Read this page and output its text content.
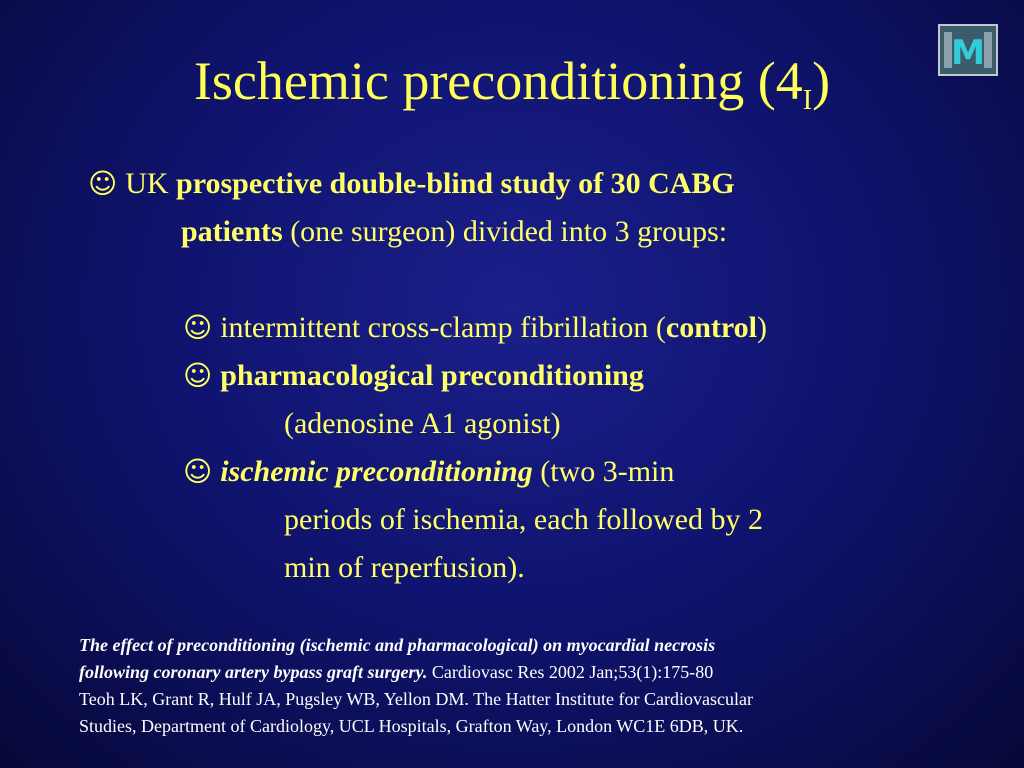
Ischemic preconditioning $(4_I)$	M
☺ UK prospective double-blind study of 30 CABG
patients (one surgeon) divided into 3 groups:
☺ intermittent cross-clamp fibrillation (control)
☺ pharmacological preconditioning
(adenosine A1 agonist)
☺ ischemic preconditioning (two 3-min
periods of ischemia, each followed by 2
min of reperfusion).
The effect of preconditioning (ischemic and pharmacological) on myocardial necrosis
following coronary artery bypass graft surgery. Cardiovasc Res 2002 Jan;53(1):175-80
Teoh LK, Grant R, Hulf JA, Pugsley WB, Yellon DM. The Hatter Institute for Cardiovascular
Studies, Department of Cardiology, UCL Hospitals, Grafton Way, London WC1E 6DB, UK.
